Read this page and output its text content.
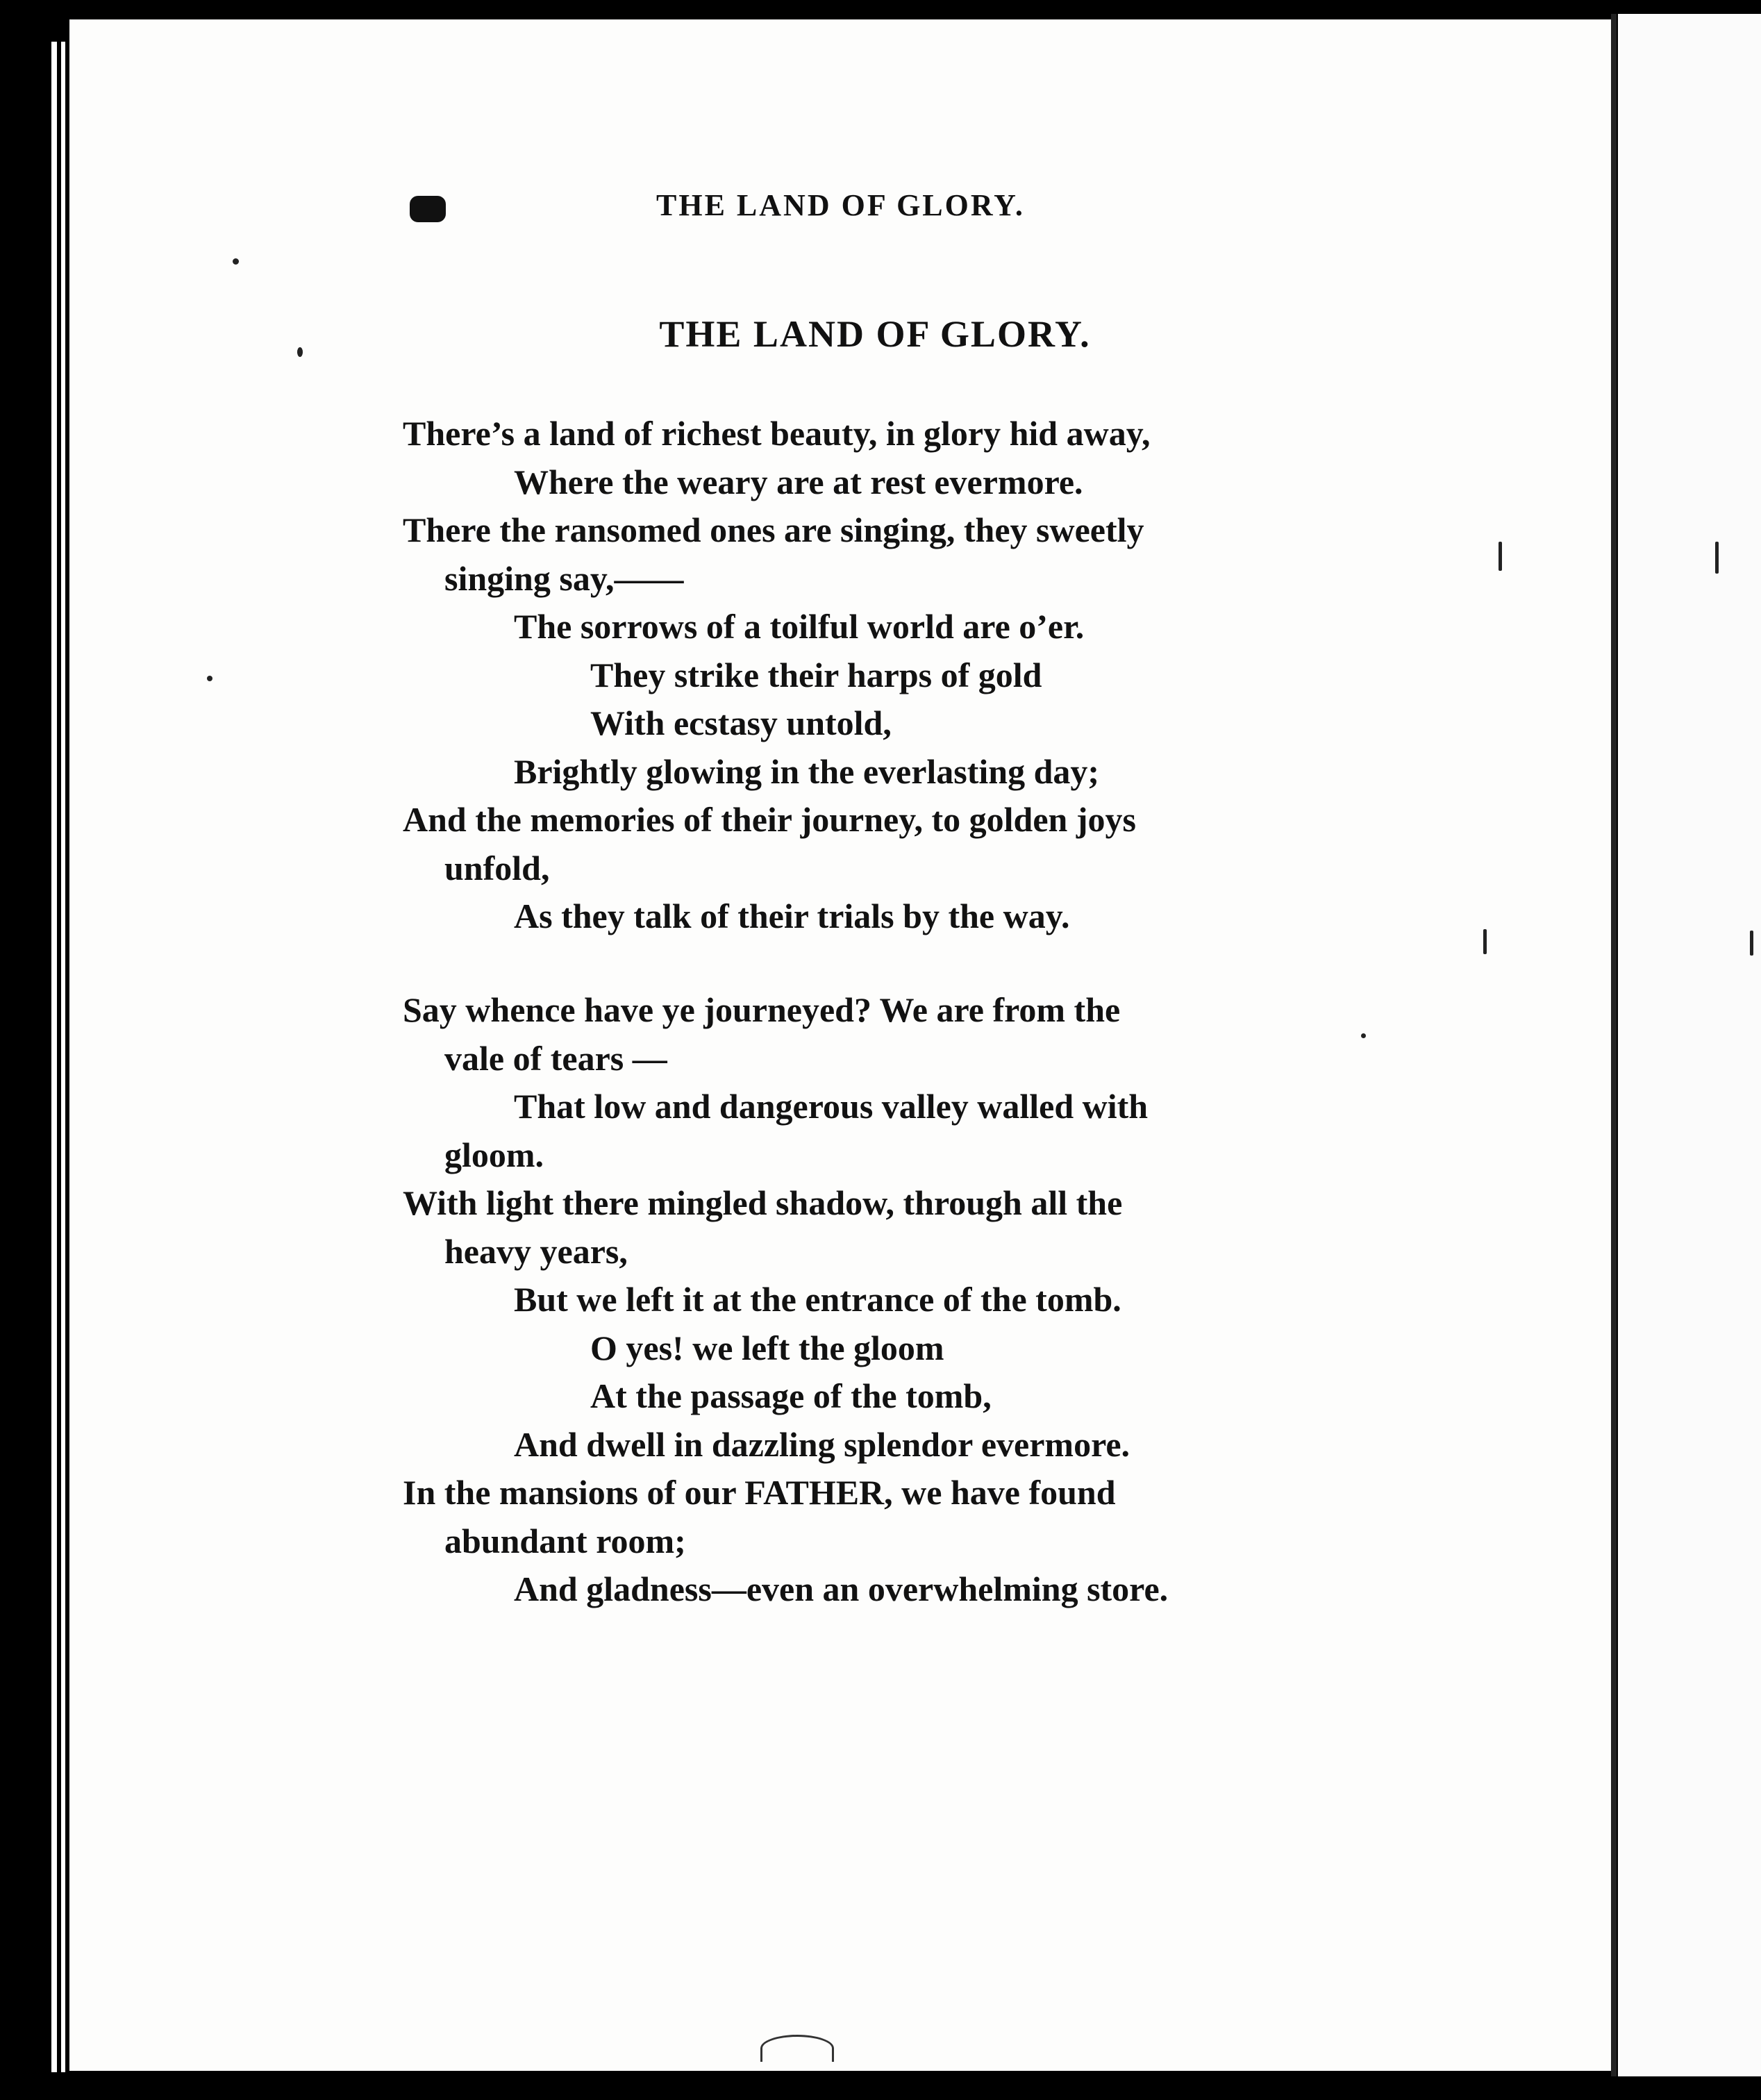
THE LAND OF GLORY.
THE LAND OF GLORY.
There’s a land of richest beauty, in glory hid away,
Where the weary are at rest evermore.
There the ransomed ones are singing, they sweetly
singing say,——
The sorrows of a toilful world are o’er.
They strike their harps of gold
With ecstasy untold,
Brightly glowing in the everlasting day;
And the memories of their journey, to golden joys
unfold,
As they talk of their trials by the way.
Say whence have ye journeyed? We are from the
vale of tears —
That low and dangerous valley walled with
gloom.
With light there mingled shadow, through all the
heavy years,
But we left it at the entrance of the tomb.
O yes! we left the gloom
At the passage of the tomb,
And dwell in dazzling splendor evermore.
In the mansions of our FATHER, we have found
abundant room;
And gladness—even an overwhelming store.
